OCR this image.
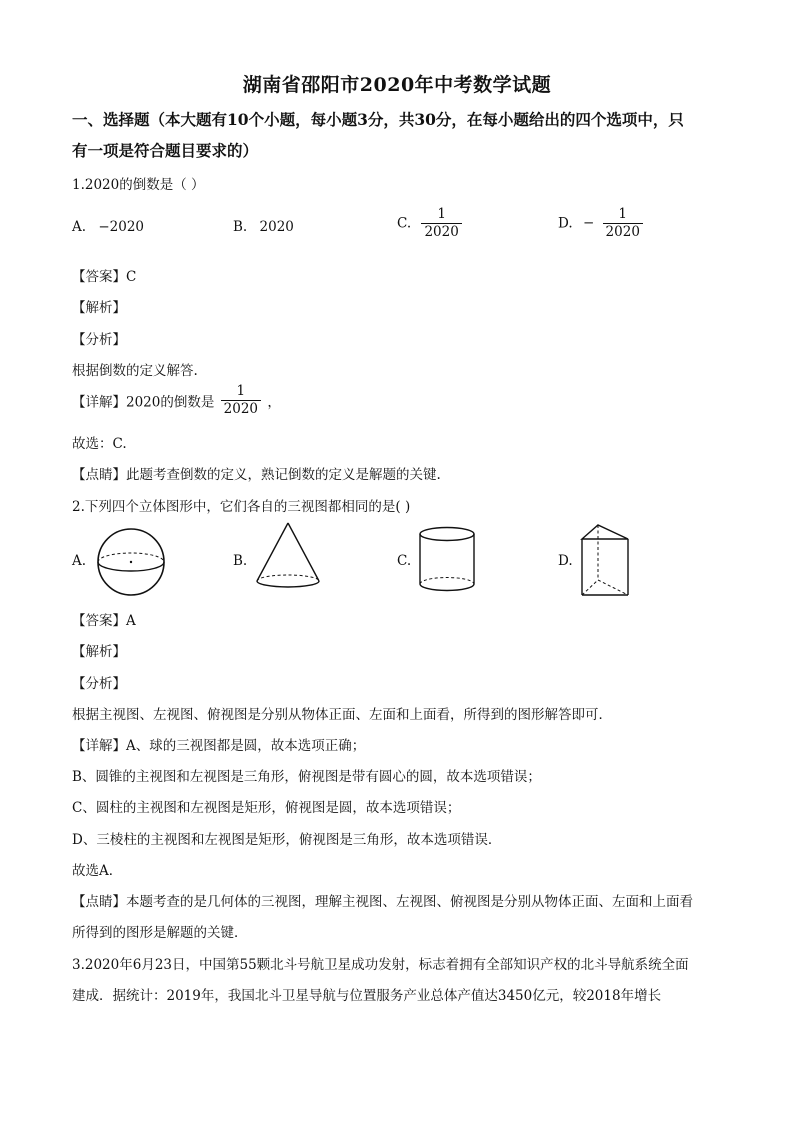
湖南省邵阳市2020年中考数学试题
一、选择题（本大题有10个小题，每小题3分，共30分，在每小题给出的四个选项中，只
有一项是符合题目要求的）
1.2020的倒数是（ ）
A. −2020	B. 2020	C. $\frac{1}{2020}$	D. − $\frac{1}{2020}$
【答案】C
【解析】
【分析】
根据倒数的定义解答.
【详解】2020的倒数是 $\frac{1}{2020}$ ，
故选：C.
【点睛】此题考查倒数的定义，熟记倒数的定义是解题的关键.
2.下列四个立体图形中，它们各自的三视图都相同的是( )
A.	B.	C.	D.
【答案】A
【解析】
【分析】
根据主视图、左视图、俯视图是分别从物体正面、左面和上面看，所得到的图形解答即可．
【详解】A、球的三视图都是圆，故本选项正确；
B、圆锥的主视图和左视图是三角形，俯视图是带有圆心的圆，故本选项错误；
C、圆柱的主视图和左视图是矩形，俯视图是圆，故本选项错误；
D、三棱柱的主视图和左视图是矩形，俯视图是三角形，故本选项错误．
故选A．
【点睛】本题考查的是几何体的三视图，理解主视图、左视图、俯视图是分别从物体正面、左面和上面看
所得到的图形是解题的关键．
3.2020年6月23日，中国第55颗北斗号航卫星成功发射，标志着拥有全部知识产权的北斗导航系统全面
建成．据统计：2019年，我国北斗卫星导航与位置服务产业总体产值达3450亿元，较2018年增长
